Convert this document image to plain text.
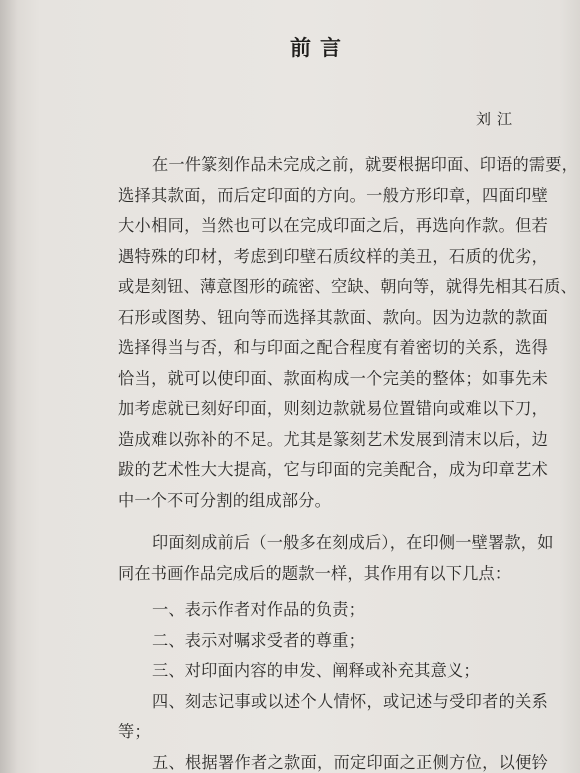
前言
刘江
在一件篆刻作品未完成之前，就要根据印面、印语的需要，
选择其款面，而后定印面的方向。一般方形印章，四面印壁
大小相同，当然也可以在完成印面之后，再选向作款。但若
遇特殊的印材，考虑到印壁石质纹样的美丑，石质的优劣，
或是刻钮、薄意图形的疏密、空缺、朝向等，就得先相其石质、
石形或图势、钮向等而选择其款面、款向。因为边款的款面
选择得当与否，和与印面之配合程度有着密切的关系，选得
恰当，就可以使印面、款面构成一个完美的整体；如事先未
加考虑就已刻好印面，则刻边款就易位置错向或难以下刀，
造成难以弥补的不足。尤其是篆刻艺术发展到清末以后，边
跋的艺术性大大提高，它与印面的完美配合，成为印章艺术
中一个不可分割的组成部分。
印面刻成前后（一般多在刻成后），在印侧一壁署款，如
同在书画作品完成后的题款一样，其作用有以下几点：
一、表示作者对作品的负责；
二、表示对嘱求受者的尊重；
三、对印面内容的申发、阐释或补充其意义；
四、刻志记事或以述个人情怀，或记述与受印者的关系
等；
五、根据署作者之款面，而定印面之正侧方位，以便钤
